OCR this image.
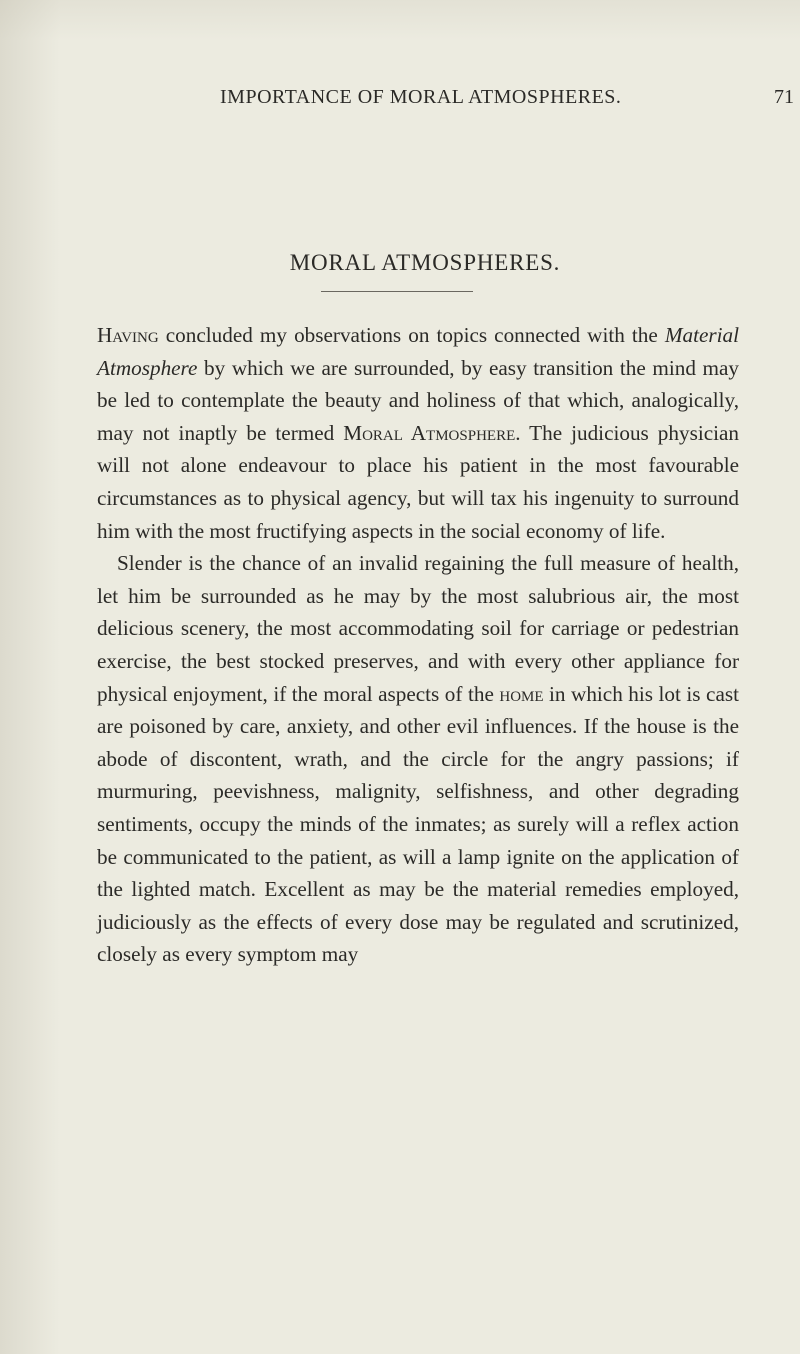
IMPORTANCE OF MORAL ATMOSPHERES.	71
MORAL ATMOSPHERES.

Having concluded my observations on topics connected with the Material Atmosphere by which we are surrounded, by easy transition the mind may be led to contemplate the beauty and holiness of that which, analogically, may not inaptly be termed Moral Atmosphere. The judicious physician will not alone endeavour to place his patient in the most favourable circumstances as to physical agency, but will tax his ingenuity to surround him with the most fructifying aspects in the social economy of life.

Slender is the chance of an invalid regaining the full measure of health, let him be surrounded as he may by the most salubrious air, the most delicious scenery, the most accommodating soil for carriage or pedestrian exercise, the best stocked preserves, and with every other appliance for physical enjoyment, if the moral aspects of the home in which his lot is cast are poisoned by care, anxiety, and other evil influences. If the house is the abode of discontent, wrath, and the circle for the angry passions; if murmuring, peevishness, malignity, selfishness, and other degrading sentiments, occupy the minds of the inmates; as surely will a reflex action be communicated to the patient, as will a lamp ignite on the application of the lighted match. Excellent as may be the material remedies employed, judiciously as the effects of every dose may be regulated and scrutinized, closely as every symptom may
